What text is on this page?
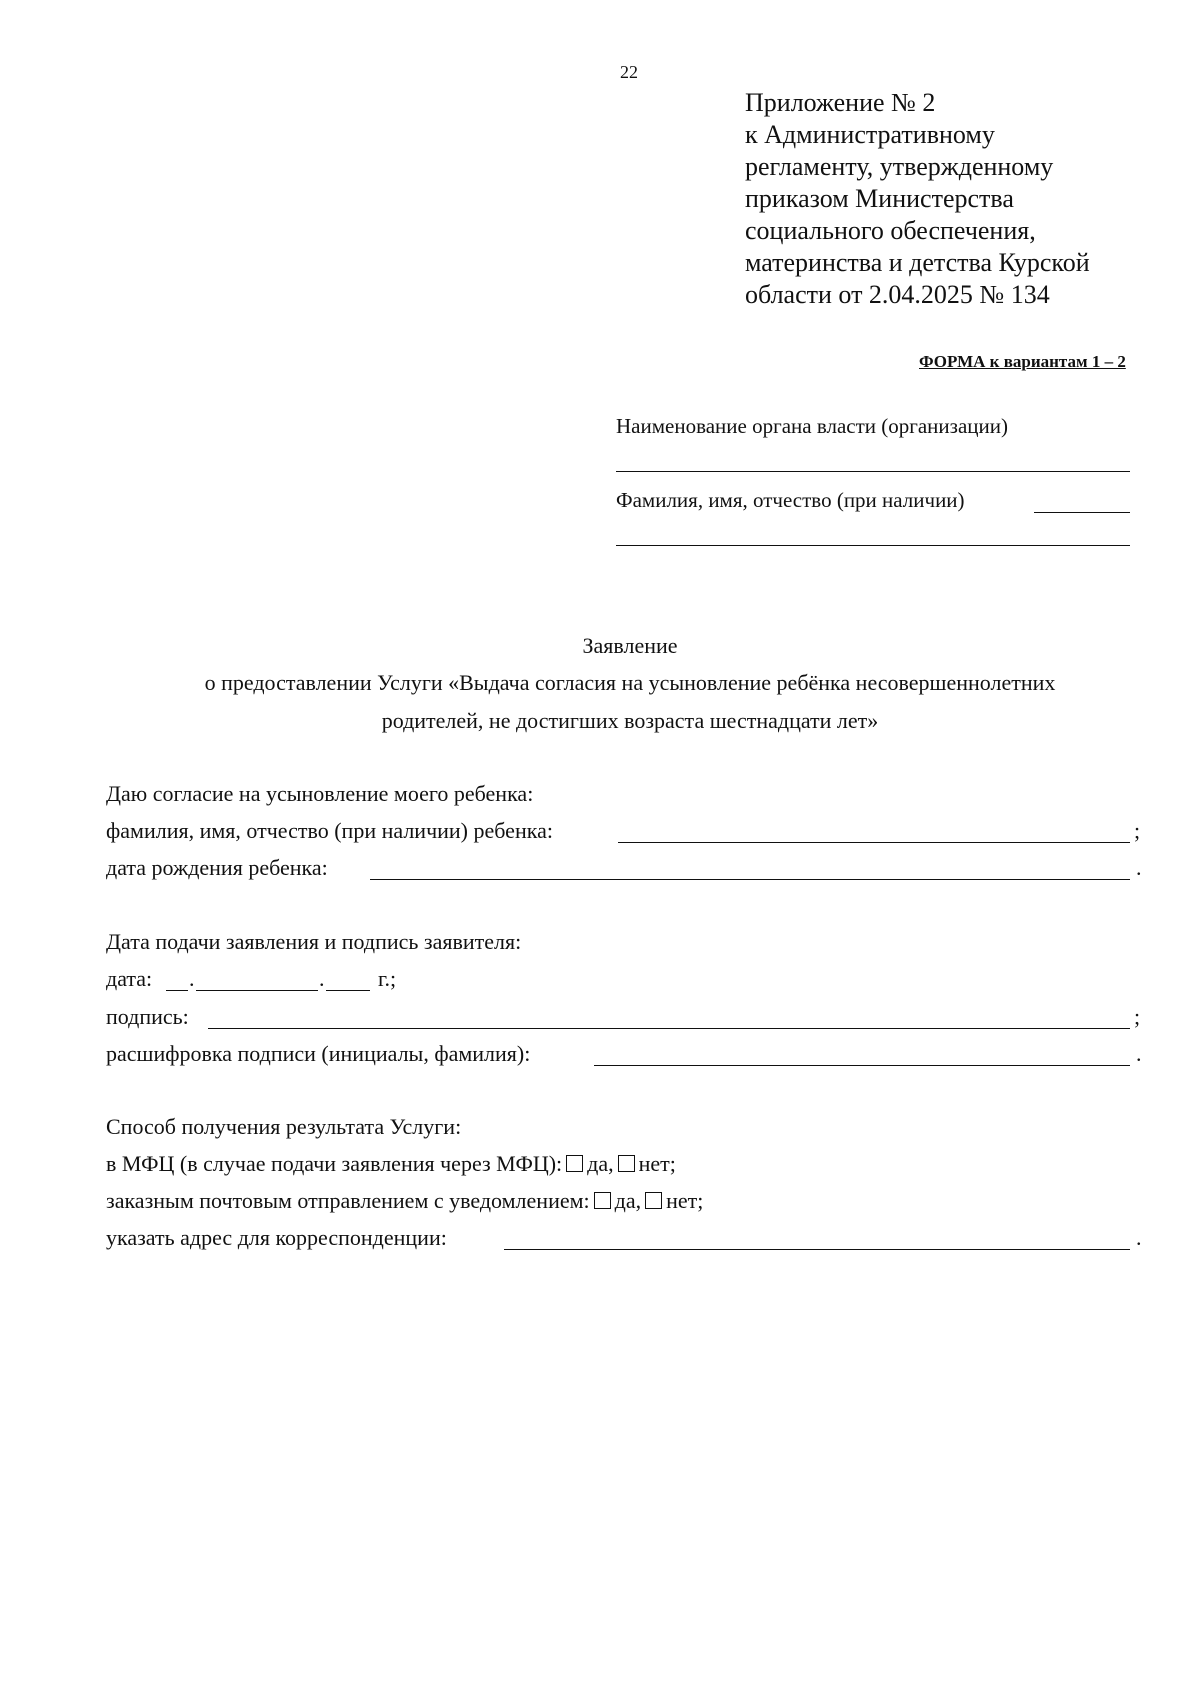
22
Приложение № 2
к Административному
регламенту, утвержденному
приказом Министерства
социального обеспечения,
материнства и детства Курской
области от 2.04.2025 № 134
ФОРМА к вариантам 1 – 2
Наименование органа власти (организации)
Фамилия, имя, отчество (при наличии)
Заявление
о предоставлении Услуги «Выдача согласия на усыновление ребёнка несовершеннолетних
родителей, не достигших возраста шестнадцати лет»
Даю согласие на усыновление моего ребенка:
фамилия, имя, отчество (при наличии) ребенка:	;
дата рождения ребенка:	.
Дата подачи заявления и подпись заявителя:
дата: .	. г.;
подпись:	;
расшифровка подписи (инициалы, фамилия):	.
Способ получения результата Услуги:
в МФЦ (в случае подачи заявления через МФЦ): да, нет;
заказным почтовым отправлением с уведомлением: да, нет;
указать адрес для корреспонденции:	.
